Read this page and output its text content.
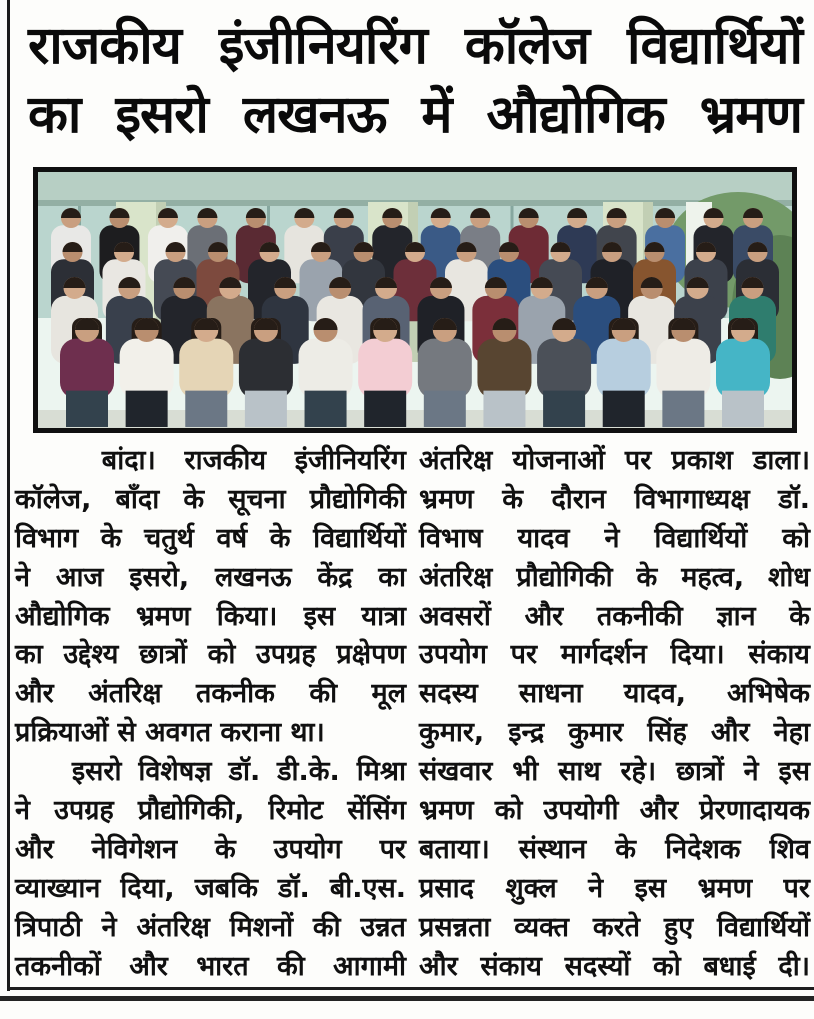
राजकीय इंजीनियरिंग कॉलेज विद्यार्थियों
का इसरो लखनऊ में औद्योगिक भ्रमण
बांदा। राजकीय इंजीनियरिंग
कॉलेज, बाँदा के सूचना प्रौद्योगिकी
विभाग के चतुर्थ वर्ष के विद्यार्थियों
ने आज इसरो, लखनऊ केंद्र का
औद्योगिक भ्रमण किया। इस यात्रा
का उद्देश्य छात्रों को उपग्रह प्रक्षेपण
और अंतरिक्ष तकनीक की मूल
प्रक्रियाओं से अवगत कराना था।
इसरो विशेषज्ञ डॉ. डी.के. मिश्रा
ने उपग्रह प्रौद्योगिकी, रिमोट सेंसिंग
और नेविगेशन के उपयोग पर
व्याख्यान दिया, जबकि डॉ. बी.एस.
त्रिपाठी ने अंतरिक्ष मिशनों की उन्नत
तकनीकों और भारत की आगामी
अंतरिक्ष योजनाओं पर प्रकाश डाला।
भ्रमण के दौरान विभागाध्यक्ष डॉ.
विभाष यादव ने विद्यार्थियों को
अंतरिक्ष प्रौद्योगिकी के महत्व, शोध
अवसरों और तकनीकी ज्ञान के
उपयोग पर मार्गदर्शन दिया। संकाय
सदस्य साधना यादव, अभिषेक
कुमार, इन्द्र कुमार सिंह और नेहा
संखवार भी साथ रहे। छात्रों ने इस
भ्रमण को उपयोगी और प्रेरणादायक
बताया। संस्थान के निदेशक शिव
प्रसाद शुक्ल ने इस भ्रमण पर
प्रसन्नता व्यक्त करते हुए विद्यार्थियों
और संकाय सदस्यों को बधाई दी।
